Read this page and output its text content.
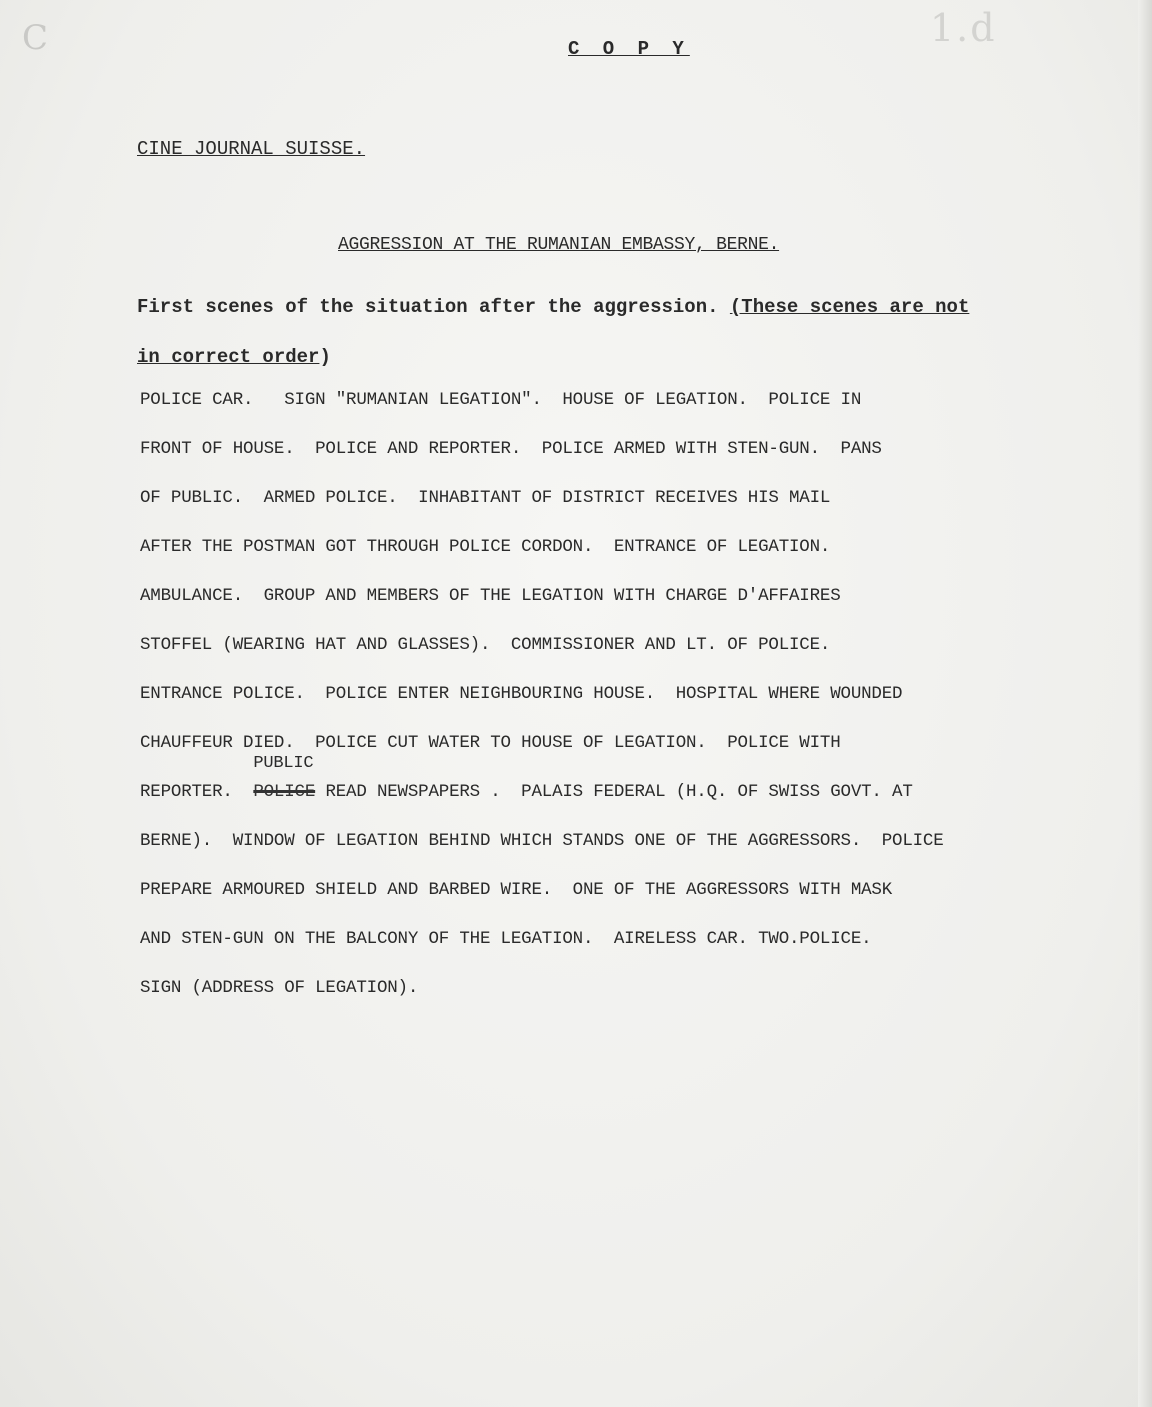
C	1.d
C O P Y
CINE JOURNAL SUISSE.
AGGRESSION AT THE RUMANIAN EMBASSY, BERNE.
First scenes of the situation after the aggression. (These scenes are not
in correct order)
POLICE CAR.   SIGN "RUMANIAN LEGATION".  HOUSE OF LEGATION.  POLICE IN
FRONT OF HOUSE.  POLICE AND REPORTER.  POLICE ARMED WITH STEN-GUN.  PANS
OF PUBLIC.  ARMED POLICE.  INHABITANT OF DISTRICT RECEIVES HIS MAIL
AFTER THE POSTMAN GOT THROUGH POLICE CORDON.  ENTRANCE OF LEGATION.
AMBULANCE.  GROUP AND MEMBERS OF THE LEGATION WITH CHARGE D'AFFAIRES
STOFFEL (WEARING HAT AND GLASSES).  COMMISSIONER AND LT. OF POLICE.
ENTRANCE POLICE.  POLICE ENTER NEIGHBOURING HOUSE.  HOSPITAL WHERE WOUNDED
CHAUFFEUR DIED.  POLICE CUT WATER TO HOUSE OF LEGATION.  POLICE WITH
REPORTER.
PUBLIC
POLICE READ NEWSPAPERS .  PALAIS FEDERAL (H.Q. OF SWISS GOVT. AT
BERNE).  WINDOW OF LEGATION BEHIND WHICH STANDS ONE OF THE AGGRESSORS.  POLICE
PREPARE ARMOURED SHIELD AND BARBED WIRE.  ONE OF THE AGGRESSORS WITH MASK
AND STEN-GUN ON THE BALCONY OF THE LEGATION.  AIRELESS CAR. TWO.POLICE.
SIGN (ADDRESS OF LEGATION).
